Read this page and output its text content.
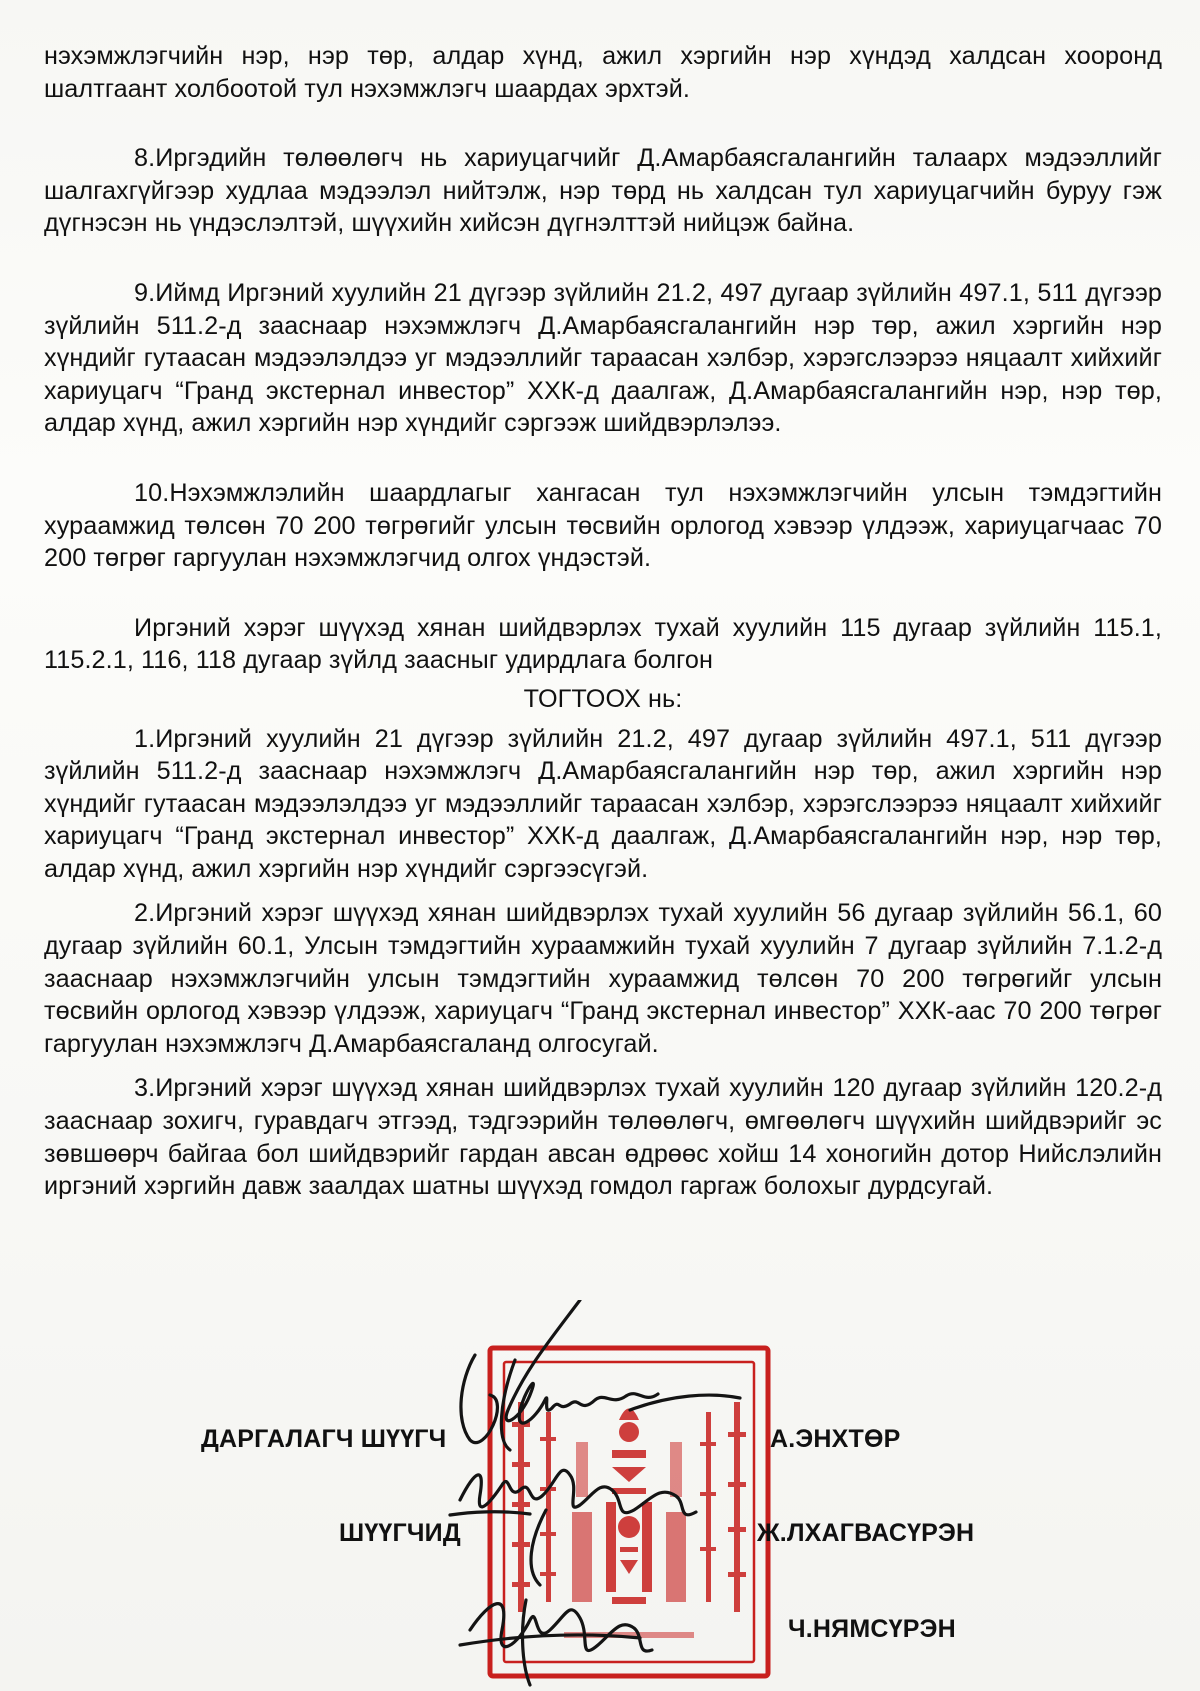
нэхэмжлэгчийн нэр, нэр төр, алдар хүнд, ажил хэргийн нэр хүндэд халдсан хооронд шалтгаант холбоотой тул нэхэмжлэгч шаардах эрхтэй.

8.Иргэдийн төлөөлөгч нь хариуцагчийг Д.Амарбаясгалангийн талаарх мэдээллийг шалгахгүйгээр худлаа мэдээлэл нийтэлж, нэр төрд нь халдсан тул хариуцагчийн буруу гэж дүгнэсэн нь үндэслэлтэй, шүүхийн хийсэн дүгнэлттэй нийцэж байна.

9.Иймд Иргэний хуулийн 21 дүгээр зүйлийн 21.2, 497 дугаар зүйлийн 497.1, 511 дүгээр зүйлийн 511.2-д зааснаар нэхэмжлэгч Д.Амарбаясгалангийн нэр төр, ажил хэргийн нэр хүндийг гутаасан мэдээлэлдээ уг мэдээллийг тараасан хэлбэр, хэрэгслээрээ няцаалт хийхийг хариуцагч “Гранд экстернал инвестор” ХХК-д даалгаж, Д.Амарбаясгалангийн нэр, нэр төр, алдар хүнд, ажил хэргийн нэр хүндийг сэргээж шийдвэрлэлээ.

10.Нэхэмжлэлийн шаардлагыг хангасан тул нэхэмжлэгчийн улсын тэмдэгтийн хураамжид төлсөн 70 200 төгрөгийг улсын төсвийн орлогод хэвээр үлдээж, хариуцагчаас 70 200 төгрөг гаргуулан нэхэмжлэгчид олгох үндэстэй.

Иргэний хэрэг шүүхэд хянан шийдвэрлэх тухай хуулийн 115 дугаар зүйлийн 115.1, 115.2.1, 116, 118 дугаар зүйлд заасныг удирдлага болгон

ТОГТООХ нь:

1.Иргэний хуулийн 21 дүгээр зүйлийн 21.2, 497 дугаар зүйлийн 497.1, 511 дүгээр зүйлийн 511.2-д зааснаар нэхэмжлэгч Д.Амарбаясгалангийн нэр төр, ажил хэргийн нэр хүндийг гутаасан мэдээлэлдээ уг мэдээллийг тараасан хэлбэр, хэрэгслээрээ няцаалт хийхийг хариуцагч “Гранд экстернал инвестор” ХХК-д даалгаж, Д.Амарбаясгалангийн нэр, нэр төр, алдар хүнд, ажил хэргийн нэр хүндийг сэргээсүгэй.

2.Иргэний хэрэг шүүхэд хянан шийдвэрлэх тухай хуулийн 56 дугаар зүйлийн 56.1, 60 дугаар зүйлийн 60.1, Улсын тэмдэгтийн хураамжийн тухай хуулийн 7 дугаар зүйлийн 7.1.2-д зааснаар нэхэмжлэгчийн улсын тэмдэгтийн хураамжид төлсөн 70 200 төгрөгийг улсын төсвийн орлогод хэвээр үлдээж, хариуцагч “Гранд экстернал инвестор” ХХК-аас 70 200 төгрөг гаргуулан нэхэмжлэгч Д.Амарбаясгаланд олгосугай.

3.Иргэний хэрэг шүүхэд хянан шийдвэрлэх тухай хуулийн 120 дугаар зүйлийн 120.2-д зааснаар зохигч, гуравдагч этгээд, тэдгээрийн төлөөлөгч, өмгөөлөгч шүүхийн шийдвэрийг эс зөвшөөрч байгаа бол шийдвэрийг гардан авсан өдрөөс хойш 14 хоногийн дотор Нийслэлийн иргэний хэргийн давж заалдах шатны шүүхэд гомдол гаргаж болохыг дурдсугай.

ДАРГАЛАГЧ ШҮҮГЧ	А.ЭНХТӨР
ШҮҮГЧИД	Ж.ЛХАГВАСҮРЭН
Ч.НЯМСҮРЭН
